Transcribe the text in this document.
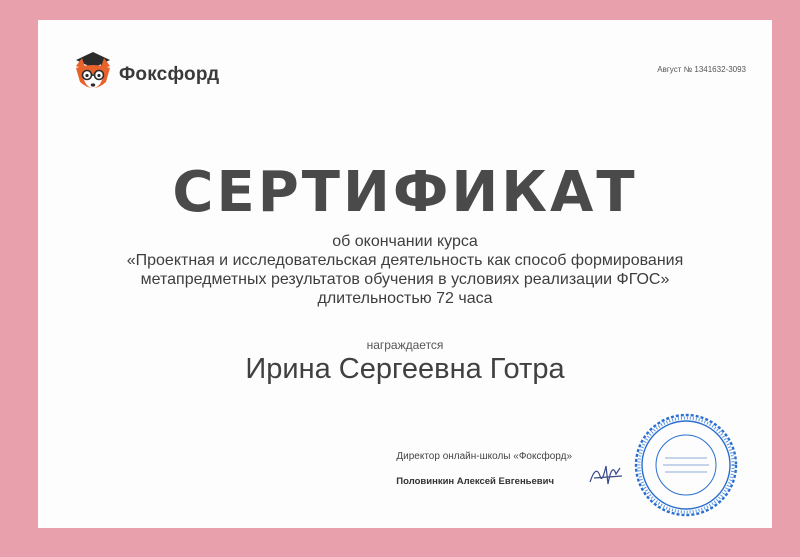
Фоксфорд	Август № 1341632-3093
СЕРТИФИКАТ
об окончании курса
«Проектная и исследовательская деятельность как способ формирования
метапредметных результатов обучения в условиях реализации ФГОС»
длительностью 72 часа
награждается
Ирина Сергеевна Готра
Директор онлайн-школы «Фоксфорд»
Половинкин Алексей Евгеньевич
